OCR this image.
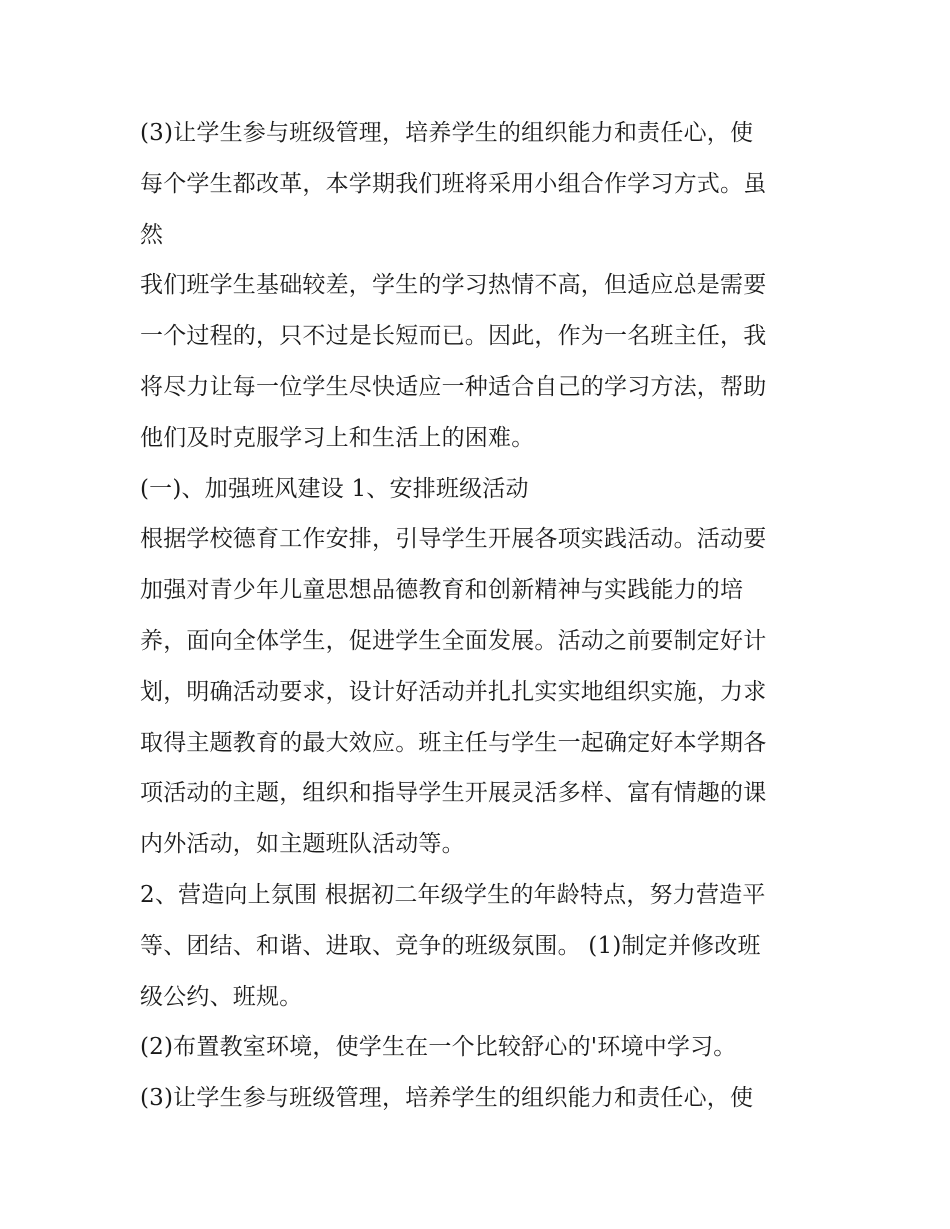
(3)让学生参与班级管理，培养学生的组织能力和责任心，使
每个学生都改革，本学期我们班将采用小组合作学习方式。虽
然
我们班学生基础较差，学生的学习热情不高，但适应总是需要
一个过程的，只不过是长短而已。因此，作为一名班主任，我
将尽力让每一位学生尽快适应一种适合自己的学习方法，帮助
他们及时克服学习上和生活上的困难。
(一)、加强班风建设 1、安排班级活动
根据学校德育工作安排，引导学生开展各项实践活动。活动要
加强对青少年儿童思想品德教育和创新精神与实践能力的培
养，面向全体学生，促进学生全面发展。活动之前要制定好计
划，明确活动要求，设计好活动并扎扎实实地组织实施，力求
取得主题教育的最大效应。班主任与学生一起确定好本学期各
项活动的主题，组织和指导学生开展灵活多样、富有情趣的课
内外活动，如主题班队活动等。
2、营造向上氛围 根据初二年级学生的年龄特点，努力营造平
等、团结、和谐、进取、竞争的班级氛围。 (1)制定并修改班
级公约、班规。
(2)布置教室环境，使学生在一个比较舒心的'环境中学习。
(3)让学生参与班级管理，培养学生的组织能力和责任心，使
